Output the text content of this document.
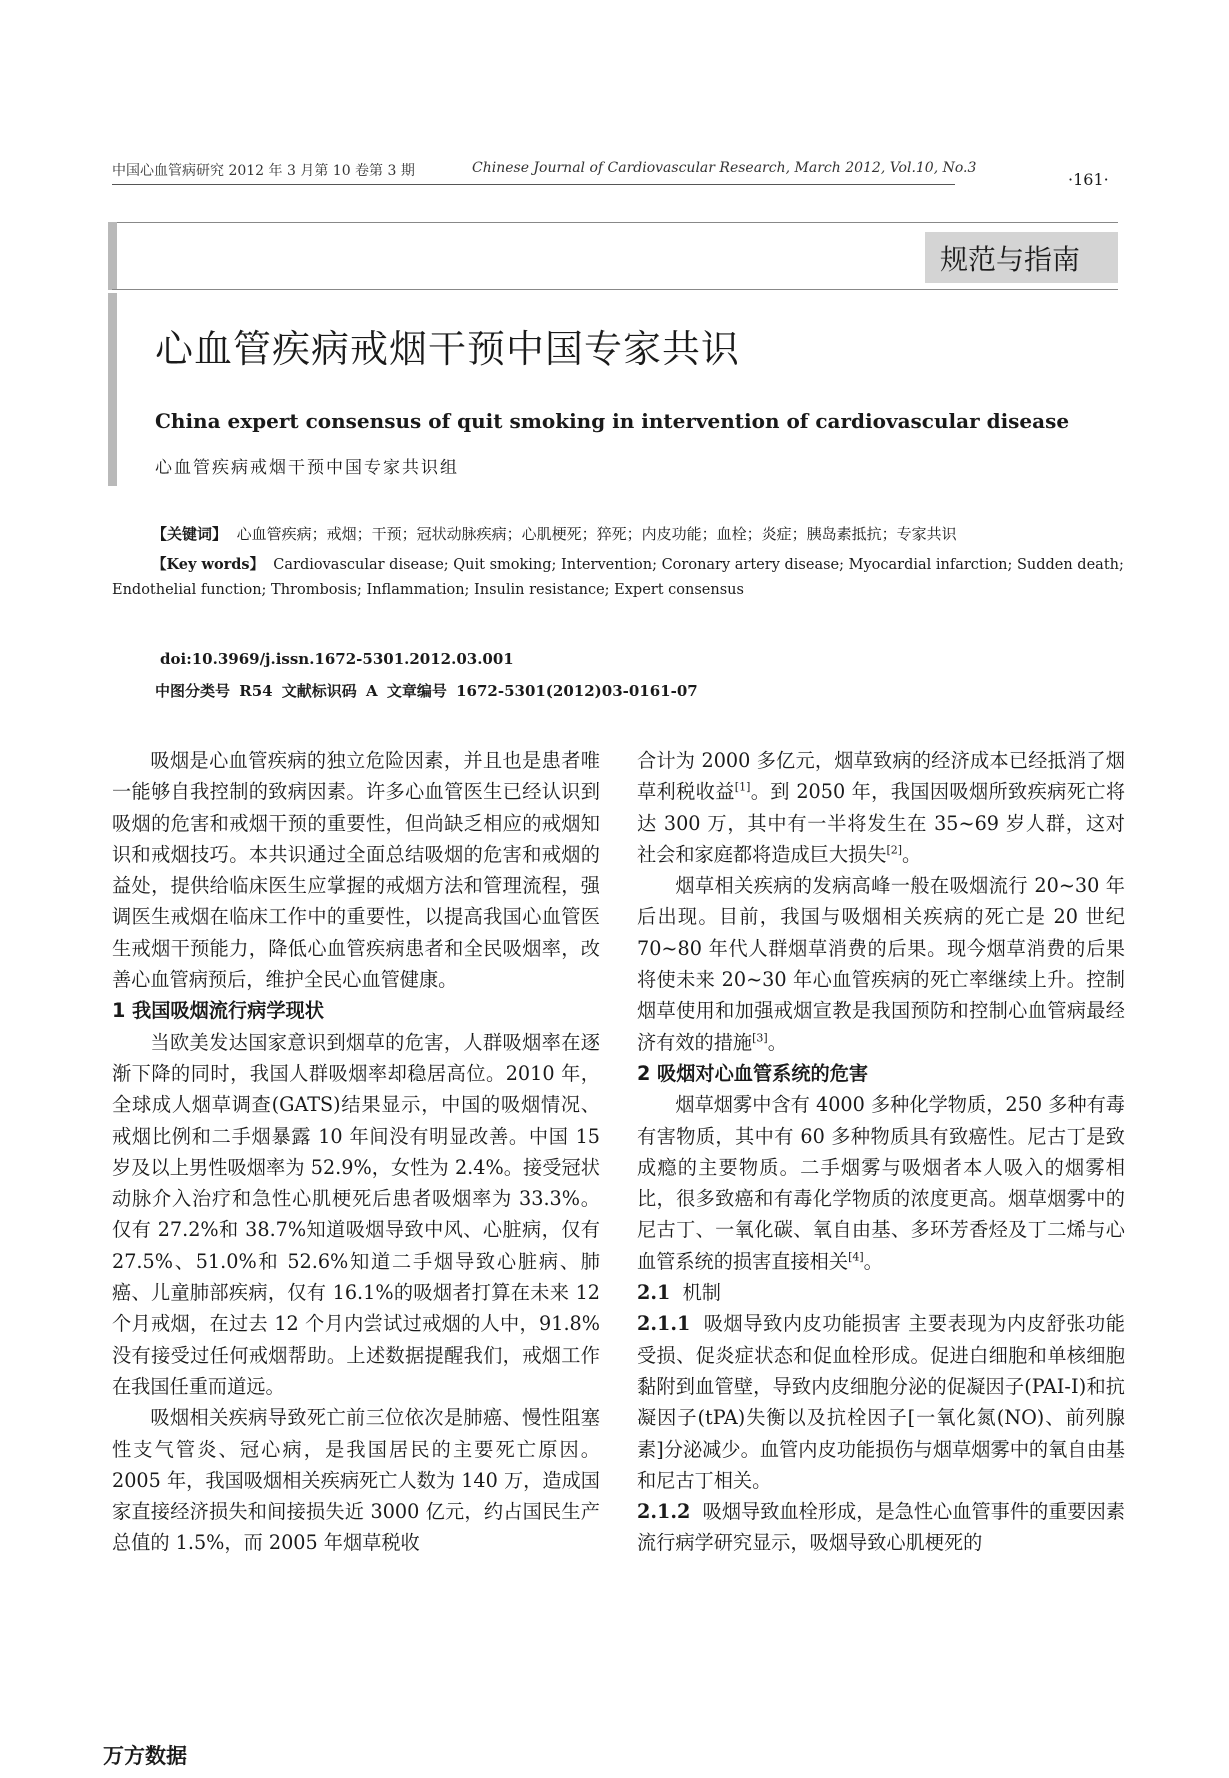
中国心血管病研究 2012 年 3 月第 10 卷第 3 期	Chinese Journal of Cardiovascular Research, March 2012, Vol.10, No.3
·161·
规范与指南
心血管疾病戒烟干预中国专家共识
China expert consensus of quit smoking in intervention of cardiovascular disease
心血管疾病戒烟干预中国专家共识组
【关键词】 心血管疾病；戒烟；干预；冠状动脉疾病；心肌梗死；猝死；内皮功能；血栓；炎症；胰岛素抵抗；专家共识
【Key words】 Cardiovascular disease; Quit smoking; Intervention; Coronary artery disease; Myocardial infarction; Sudden death;
Endothelial function; Thrombosis; Inflammation; Insulin resistance; Expert consensus
doi:10.3969/j.issn.1672-5301.2012.03.001
中图分类号 R54 文献标识码 A 文章编号 1672-5301(2012)03-0161-07

吸烟是心血管疾病的独立危险因素，并且也是患者唯一能够自我控制的致病因素。许多心血管医生已经认识到吸烟的危害和戒烟干预的重要性，但尚缺乏相应的戒烟知识和戒烟技巧。本共识通过全面总结吸烟的危害和戒烟的益处，提供给临床医生应掌握的戒烟方法和管理流程，强调医生戒烟在临床工作中的重要性，以提高我国心血管医生戒烟干预能力，降低心血管疾病患者和全民吸烟率，改善心血管病预后，维护全民心血管健康。

1 我国吸烟流行病学现状

当欧美发达国家意识到烟草的危害，人群吸烟率在逐渐下降的同时，我国人群吸烟率却稳居高位。2010 年，全球成人烟草调查(GATS)结果显示，中国的吸烟情况、戒烟比例和二手烟暴露 10 年间没有明显改善。中国 15 岁及以上男性吸烟率为 52.9%，女性为 2.4%。接受冠状动脉介入治疗和急性心肌梗死后患者吸烟率为 33.3%。仅有 27.2%和 38.7%知道吸烟导致中风、心脏病，仅有 27.5%、51.0%和 52.6%知道二手烟导致心脏病、肺癌、儿童肺部疾病，仅有 16.1%的吸烟者打算在未来 12 个月戒烟，在过去 12 个月内尝试过戒烟的人中，91.8%没有接受过任何戒烟帮助。上述数据提醒我们，戒烟工作在我国任重而道远。

吸烟相关疾病导致死亡前三位依次是肺癌、慢性阻塞性支气管炎、冠心病，是我国居民的主要死亡原因。2005 年，我国吸烟相关疾病死亡人数为 140 万，造成国家直接经济损失和间接损失近 3000 亿元，约占国民生产总值的 1.5%，而 2005 年烟草税收

合计为 2000 多亿元，烟草致病的经济成本已经抵消了烟草利税收益[1]。到 2050 年，我国因吸烟所致疾病死亡将达 300 万，其中有一半将发生在 35~69 岁人群，这对社会和家庭都将造成巨大损失[2]。

烟草相关疾病的发病高峰一般在吸烟流行 20~30 年后出现。目前，我国与吸烟相关疾病的死亡是 20 世纪 70~80 年代人群烟草消费的后果。现今烟草消费的后果将使未来 20~30 年心血管疾病的死亡率继续上升。控制烟草使用和加强戒烟宣教是我国预防和控制心血管病最经济有效的措施[3]。

2 吸烟对心血管系统的危害

烟草烟雾中含有 4000 多种化学物质，250 多种有毒有害物质，其中有 60 多种物质具有致癌性。尼古丁是致成瘾的主要物质。二手烟雾与吸烟者本人吸入的烟雾相比，很多致癌和有毒化学物质的浓度更高。烟草烟雾中的尼古丁、一氧化碳、氧自由基、多环芳香烃及丁二烯与心血管系统的损害直接相关[4]。

2.1 机制

2.1.1 吸烟导致内皮功能损害 主要表现为内皮舒张功能受损、促炎症状态和促血栓形成。促进白细胞和单核细胞黏附到血管壁，导致内皮细胞分泌的促凝因子(PAI-Ⅰ)和抗凝因子(tPA)失衡以及抗栓因子[一氧化氮(NO)、前列腺素]分泌减少。血管内皮功能损伤与烟草烟雾中的氧自由基和尼古丁相关。

2.1.2 吸烟导致血栓形成，是急性心血管事件的重要因素 流行病学研究显示，吸烟导致心肌梗死的

万方数据
